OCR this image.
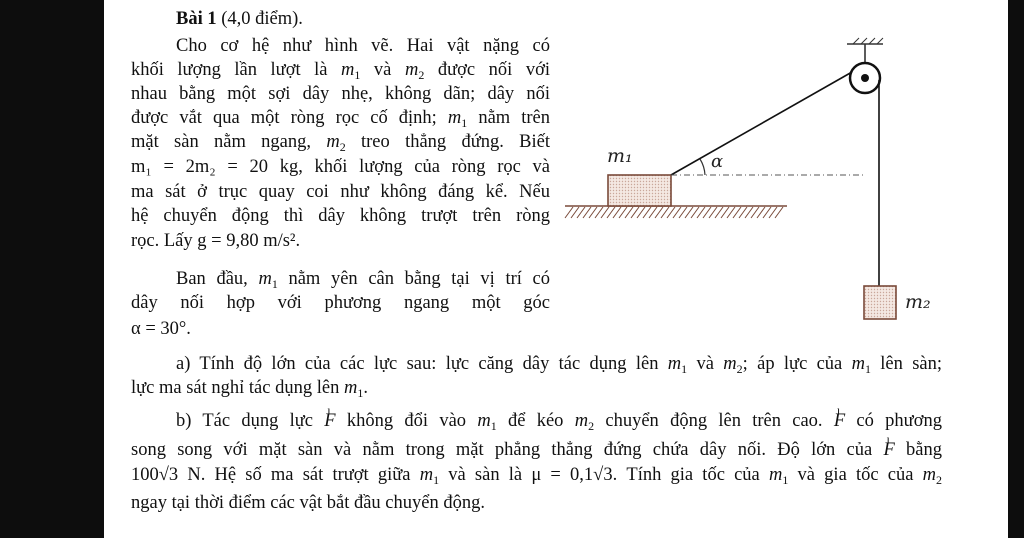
Bài 1 (4,0 điểm).
Cho cơ hệ như hình vẽ. Hai vật nặng có
khối lượng lần lượt là $m_1$ và $m_2$ được nối với
nhau bằng một sợi dây nhẹ, không dãn; dây nối
được vắt qua một ròng rọc cố định; $m_1$ nằm trên
mặt sàn nằm ngang, $m_2$ treo thẳng đứng. Biết
m₁ = 2m₂ = 20 kg, khối lượng của ròng rọc và
ma sát ở trục quay coi như không đáng kể. Nếu
hệ chuyển động thì dây không trượt trên ròng
rọc. Lấy g = 9,80 m/s².
Ban đầu, $m_1$ nằm yên cân bằng tại vị trí có
dây nối hợp với phương ngang một góc
α = 30°.
a) Tính độ lớn của các lực sau: lực căng dây tác dụng lên $m_1$ và $m_2$; áp lực của $m_1$ lên sàn;
lực ma sát nghỉ tác dụng lên $m_1$.
b) Tác dụng lực ı F không đổi vào $m_1$ để kéo $m_2$ chuyển động lên trên cao. ı F có phương
song song với mặt sàn và nằm trong mặt phẳng thẳng đứng chứa dây nối. Độ lớn của ı F bằng
100√3 N. Hệ số ma sát trượt giữa $m_1$ và sàn là μ = 0,1√3. Tính gia tốc của $m_1$ và gia tốc của $m_2$
ngay tại thời điểm các vật bắt đầu chuyển động.
m₁	α
m₂
